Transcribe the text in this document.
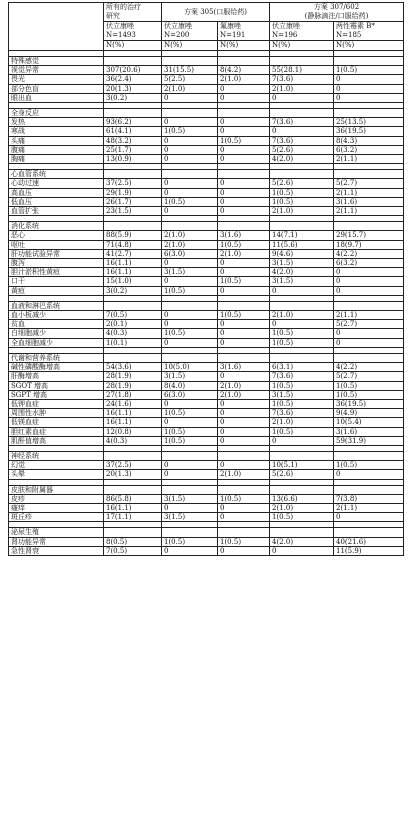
	所有的治疗
研究	方案 305(口服给药)		方案 307/602
(静脉滴注/口服给药)	
	伏立康唑
N=1493	伏立康唑
N=200	氟康唑
N=191	伏立康唑
N=196	两性霉素 B*
N=185
	N(%)	N(%)	N(%)	N(%)	N(%)

特殊感觉					
视觉异常	307(20.6)	31(15.5)	8(4.2)	55(28.1)	1(0.5)
畏光	36(2.4)	5(2.5)	2(1.0)	7(3.6)	0
部分色盲	20(1.3)	2(1.0)	0	2(1.0)	0
眼出血	3(0.2)	0	0	0	0

全身反应					
发热	93(6.2)	0	0	7(3.6)	25(13.5)
寒战	61(4.1)	1(0.5)	0	0	36(19.5)
头痛	48(3.2)	0	1(0.5)	7(3.6)	8(4.3)
腹痛	25(1.7)	0	0	5(2.6)	6(3.2)
胸痛	13(0.9)	0	0	4(2.0)	2(1.1)

心血管系统					
心动过速	37(2.5)	0	0	5(2.6)	5(2.7)
高血压	29(1.9)	0	0	1(0.5)	2(1.1)
低血压	26(1.7)	1(0.5)	0	1(0.5)	3(1.6)
血管扩张	23(1.5)	0	0	2(1.0)	2(1.1)

消化系统					
恶心	88(5.9)	2(1.0)	3(1.6)	14(7.1)	29(15.7)
呕吐	71(4.8)	2(1.0)	1(0.5)	11(5.6)	18(9.7)
肝功能试验异常	41(2.7)	6(3.0)	2(1.0)	9(4.6)	4(2.2)
腹泻	16(1.1)	0	0	3(1.5)	6(3.2)
胆汁淤积性黄疸	16(1.1)	3(1.5)	0	4(2.0)	0
口干	15(1.0)	0	1(0.5)	3(1.5)	0
黄疸	3(0.2)	1(0.5)	0	0	0

血液和淋巴系统					
血小板减少	7(0.5)	0	1(0.5)	2(1.0)	2(1.1)
贫血	2(0.1)	0	0	0	5(2.7)
白细胞减少	4(0.3)	1(0.5)	0	1(0.5)	0
全血细胞减少	1(0.1)	0	0	1(0.5)	0

代谢和营养系统					
碱性磷酸酶增高	54(3.6)	10(5.0)	3(1.6)	6(3.1)	4(2.2)
肝酶增高	28(1.9)	3(1.5)	0	7(3.6)	5(2.7)
SGOT 增高	28(1.9)	8(4.0)	2(1.0)	1(0.5)	1(0.5)
SGPT 增高	27(1.8)	6(3.0)	2(1.0)	3(1.5)	1(0.5)
低钾血症	24(1.6)	0	0	1(0.5)	36(19.5)
周围性水肿	16(1.1)	1(0.5)	0	7(3.6)	9(4.9)
低镁血症	16(1.1)	0	0	2(1.0)	10(5.4)
胆红素血症	12(0.8)	1(0.5)	0	1(0.5)	3(1.6)
肌酐值增高	4(0.3)	1(0.5)	0	0	59(31.9)

神经系统					
幻觉	37(2.5)	0	0	10(5.1)	1(0.5)
头晕	20(1.3)	0	2(1.0)	5(2.6)	0

皮肤和附属器					
皮疹	86(5.8)	3(1.5)	1(0.5)	13(6.6)	7(3.8)
瘙痒	16(1.1)	0	0	2(1.0)	2(1.1)
斑丘疹	17(1.1)	3(1.5)	0	1(0.5)	0

泌尿生殖					
肾功能异常	8(0.5)	1(0.5)	1(0.5)	4(2.0)	40(21.6)
急性肾衰	7(0.5)	0	0	0	11(5.9)
